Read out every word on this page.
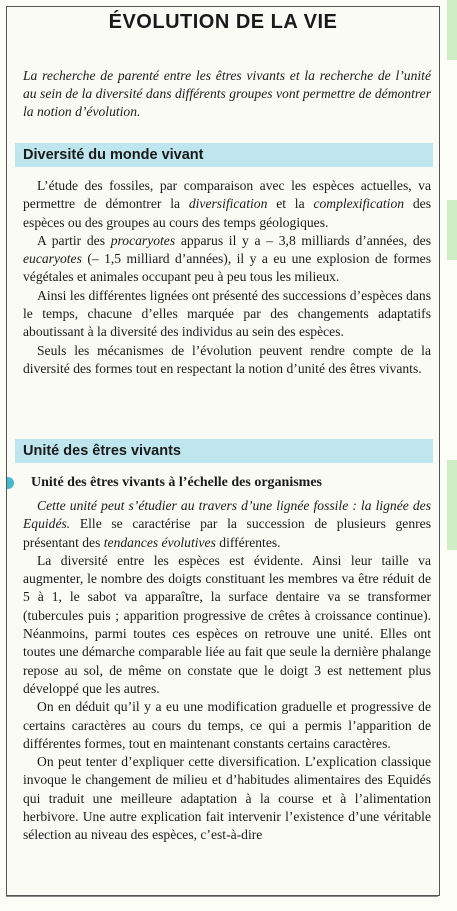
ÉVOLUTION DE LA VIE
La recherche de parenté entre les êtres vivants et la recherche de l’unité au sein de la diversité dans différents groupes vont permettre de démontrer la notion d’évolution.
Diversité du monde vivant

L’étude des fossiles, par comparaison avec les espèces actuelles, va permettre de démontrer la diversification et la complexification des espèces ou des groupes au cours des temps géologiques.

A partir des procaryotes apparus il y a – 3,8 milliards d’années, des eucaryotes (– 1,5 milliard d’années), il y a eu une explosion de formes végétales et animales occupant peu à peu tous les milieux.

Ainsi les différentes lignées ont présenté des successions d’espèces dans le temps, chacune d’elles marquée par des changements adaptatifs aboutissant à la diversité des individus au sein des espèces.

Seuls les mécanismes de l’évolution peuvent rendre compte de la diversité des formes tout en respectant la notion d’unité des êtres vivants.

Unité des êtres vivants
Unité des êtres vivants à l’échelle des organismes

Cette unité peut s’étudier au travers d’une lignée fossile : la lignée des Equidés. Elle se caractérise par la succession de plusieurs genres présentant des tendances évolutives différentes.

La diversité entre les espèces est évidente. Ainsi leur taille va augmenter, le nombre des doigts constituant les membres va être réduit de 5 à 1, le sabot va apparaître, la surface dentaire va se transformer (tubercules puis ; apparition progressive de crêtes à croissance continue). Néanmoins, parmi toutes ces espèces on retrouve une unité. Elles ont toutes une démarche comparable liée au fait que seule la dernière phalange repose au sol, de même on constate que le doigt 3 est nettement plus développé que les autres.

On en déduit qu’il y a eu une modification graduelle et progressive de certains caractères au cours du temps, ce qui a permis l’apparition de différentes formes, tout en maintenant constants certains caractères.

On peut tenter d’expliquer cette diversification. L’explication classique invoque le changement de milieu et d’habitudes alimentaires des Equidés qui traduit une meilleure adaptation à la course et à l’alimentation herbivore. Une autre explication fait intervenir l’existence d’une véritable sélection au niveau des espèces, c’est-à-dire
